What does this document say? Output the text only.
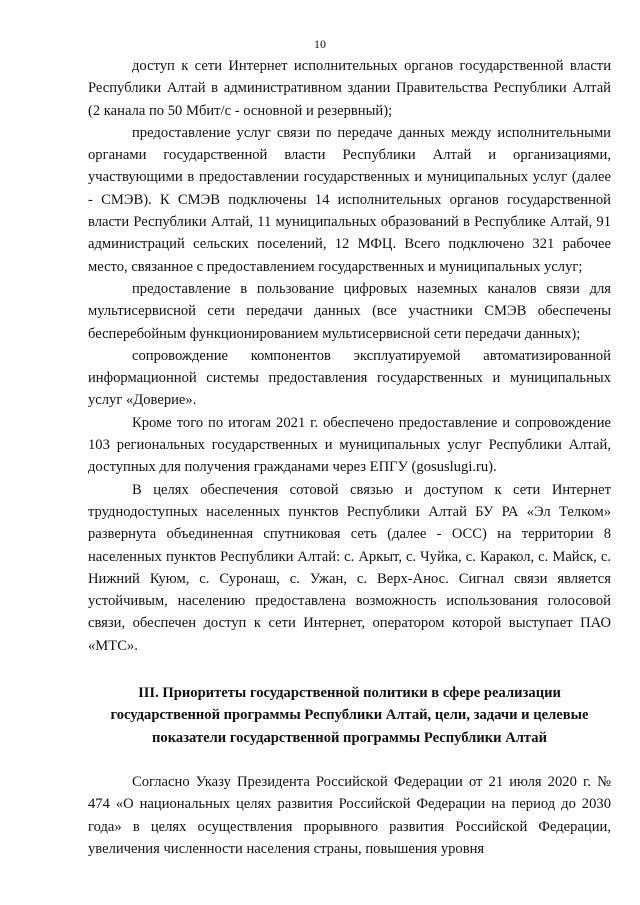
10

доступ к сети Интернет исполнительных органов государственной власти Республики Алтай в административном здании Правительства Республики Алтай (2 канала по 50 Мбит/с - основной и резервный);

предоставление услуг связи по передаче данных между исполнительными органами государственной власти Республики Алтай и организациями, участвующими в предоставлении государственных и муниципальных услуг (далее - СМЭВ). К СМЭВ подключены 14 исполнительных органов государственной власти Республики Алтай, 11 муниципальных образований в Республике Алтай, 91 администраций сельских поселений, 12 МФЦ. Всего подключено 321 рабочее место, связанное с предоставлением государственных и муниципальных услуг;

предоставление в пользование цифровых наземных каналов связи для мультисервисной сети передачи данных (все участники СМЭВ обеспечены бесперебойным функционированием мультисервисной сети передачи данных);

сопровождение компонентов эксплуатируемой автоматизированной информационной системы предоставления государственных и муниципальных услуг «Доверие».

Кроме того по итогам 2021 г. обеспечено предоставление и сопровождение 103 региональных государственных и муниципальных услуг Республики Алтай, доступных для получения гражданами через ЕПГУ (gosuslugi.ru).

В целях обеспечения сотовой связью и доступом к сети Интернет труднодоступных населенных пунктов Республики Алтай БУ РА «Эл Телком» развернута объединенная спутниковая сеть (далее - ОСС) на территории 8 населенных пунктов Республики Алтай: с. Аркыт, с. Чуйка, с. Каракол, с. Майск, с. Нижний Куюм, с. Суронаш, с. Ужан, с. Верх-Анос. Сигнал связи является устойчивым, населению предоставлена возможность использования голосовой связи, обеспечен доступ к сети Интернет, оператором которой выступает ПАО «МТС».

III. Приоритеты государственной политики в сфере реализации государственной программы Республики Алтай, цели, задачи и целевые показатели государственной программы Республики Алтай

Согласно Указу Президента Российской Федерации от 21 июля 2020 г. № 474 «О национальных целях развития Российской Федерации на период до 2030 года» в целях осуществления прорывного развития Российской Федерации, увеличения численности населения страны, повышения уровня
